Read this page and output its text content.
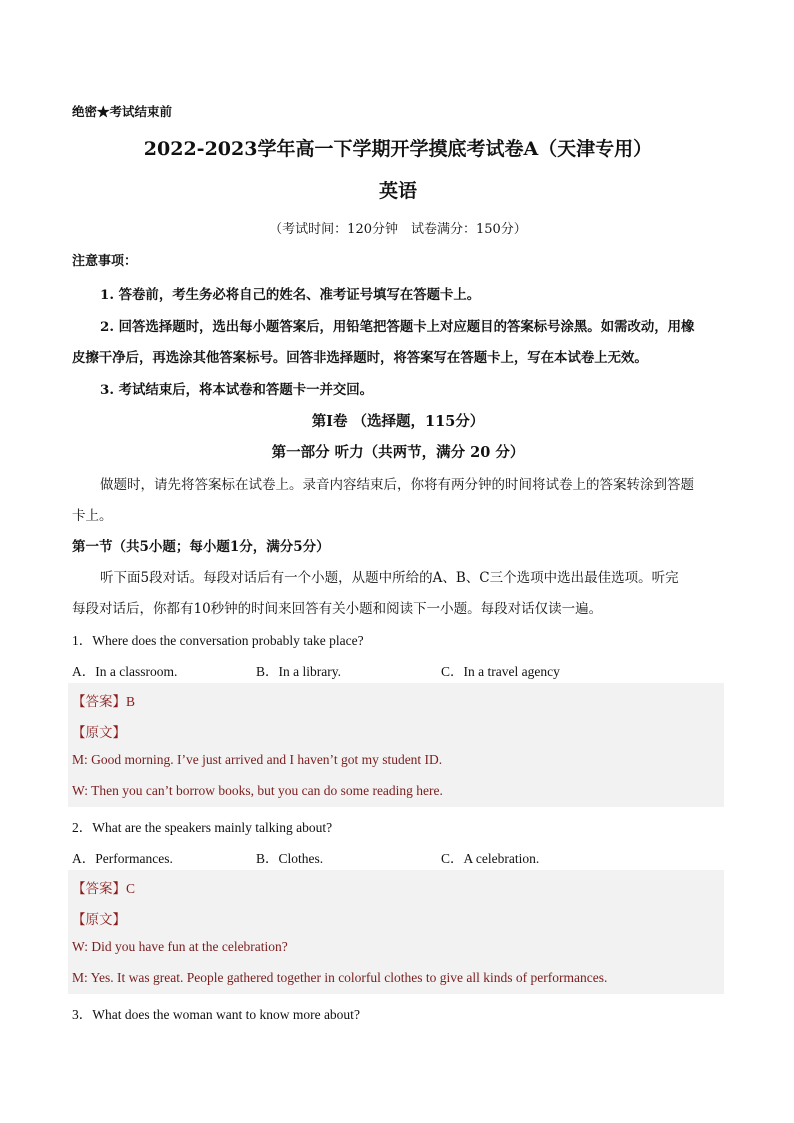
绝密★考试结束前
2022-2023学年高一下学期开学摸底考试卷A（天津专用）
英语
（考试时间：120分钟　试卷满分：150分）
注意事项：
1. 答卷前，考生务必将自己的姓名、准考证号填写在答题卡上。
2. 回答选择题时，选出每小题答案后，用铅笔把答题卡上对应题目的答案标号涂黑。如需改动，用橡
皮擦干净后，再选涂其他答案标号。回答非选择题时，将答案写在答题卡上，写在本试卷上无效。
3. 考试结束后，将本试卷和答题卡一并交回。
第I卷 （选择题，115分）
第一部分 听力（共两节，满分 20 分）
做题时，请先将答案标在试卷上。录音内容结束后，你将有两分钟的时间将试卷上的答案转涂到答题
卡上。
第一节（共5小题；每小题1分，满分5分）
听下面5段对话。每段对话后有一个小题，从题中所给的A、B、C三个选项中选出最佳选项。听完
每段对话后，你都有10秒钟的时间来回答有关小题和阅读下一小题。每段对话仅读一遍。
1．Where does the conversation probably take place?
A．In a classroom.	B．In a library.	C．In a travel agency
【答案】B
【原文】
M: Good morning. I’ve just arrived and I haven’t got my student ID.
W: Then you can’t borrow books, but you can do some reading here.
2．What are the speakers mainly talking about?
A．Performances.	B．Clothes.	C．A celebration.
【答案】C
【原文】
W: Did you have fun at the celebration?
M: Yes. It was great. People gathered together in colorful clothes to give all kinds of performances.
3．What does the woman want to know more about?
